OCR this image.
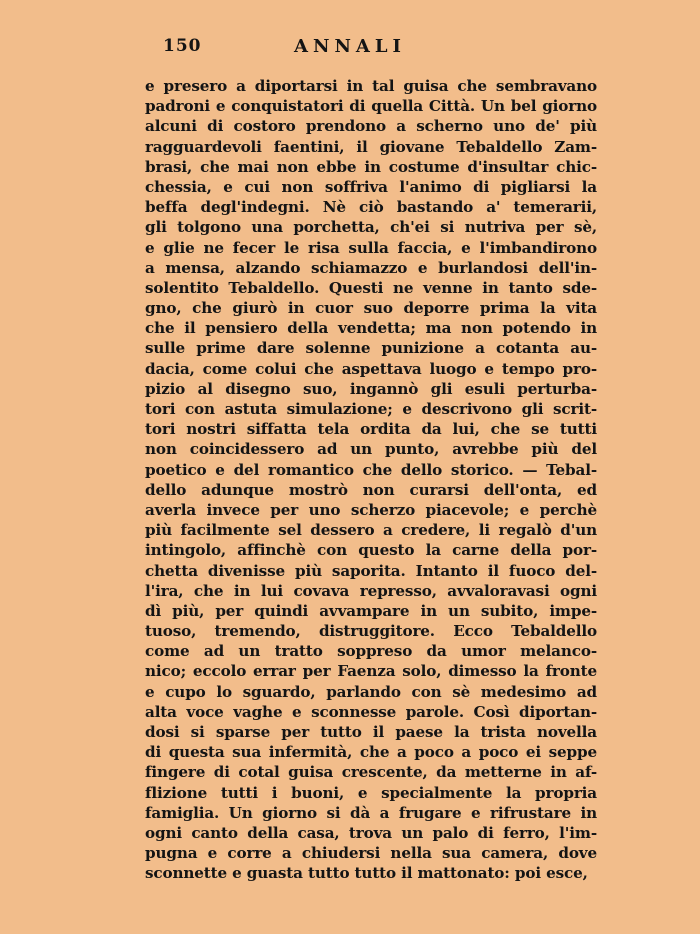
150	ANNALI
e presero a diportarsi in tal guisa che sembravano
padroni e conquistatori di quella Città. Un bel giorno
alcuni di costoro prendono a scherno uno de' più
ragguardevoli faentini, il giovane Tebaldello Zam-
brasi, che mai non ebbe in costume d'insultar chic-
chessia, e cui non soffriva l'animo di pigliarsi la
beffa degl'indegni. Nè ciò bastando a' temerarii,
gli tolgono una porchetta, ch'ei si nutriva per sè,
e glie ne fecer le risa sulla faccia, e l'imbandirono
a mensa, alzando schiamazzo e burlandosi dell'in-
solentito Tebaldello. Questi ne venne in tanto sde-
gno, che giurò in cuor suo deporre prima la vita
che il pensiero della vendetta; ma non potendo in
sulle prime dare solenne punizione a cotanta au-
dacia, come colui che aspettava luogo e tempo pro-
pizio al disegno suo, ingannò gli esuli perturba-
tori con astuta simulazione; e descrivono gli scrit-
tori nostri siffatta tela ordita da lui, che se tutti
non coincidessero ad un punto, avrebbe più del
poetico e del romantico che dello storico. — Tebal-
dello adunque mostrò non curarsi dell'onta, ed
averla invece per uno scherzo piacevole; e perchè
più facilmente sel dessero a credere, li regalò d'un
intingolo, affinchè con questo la carne della por-
chetta divenisse più saporita. Intanto il fuoco del-
l'ira, che in lui covava represso, avvaloravasi ogni
dì più, per quindi avvampare in un subito, impe-
tuoso, tremendo, distruggitore. Ecco Tebaldello
come ad un tratto soppreso da umor melanco-
nico; eccolo errar per Faenza solo, dimesso la fronte
e cupo lo sguardo, parlando con sè medesimo ad
alta voce vaghe e sconnesse parole. Così diportan-
dosi si sparse per tutto il paese la trista novella
di questa sua infermità, che a poco a poco ei seppe
fingere di cotal guisa crescente, da metterne in af-
flizione tutti i buoni, e specialmente la propria
famiglia. Un giorno si dà a frugare e rifrustare in
ogni canto della casa, trova un palo di ferro, l'im-
pugna e corre a chiudersi nella sua camera, dove
sconnette e guasta tutto tutto il mattonato: poi esce,
